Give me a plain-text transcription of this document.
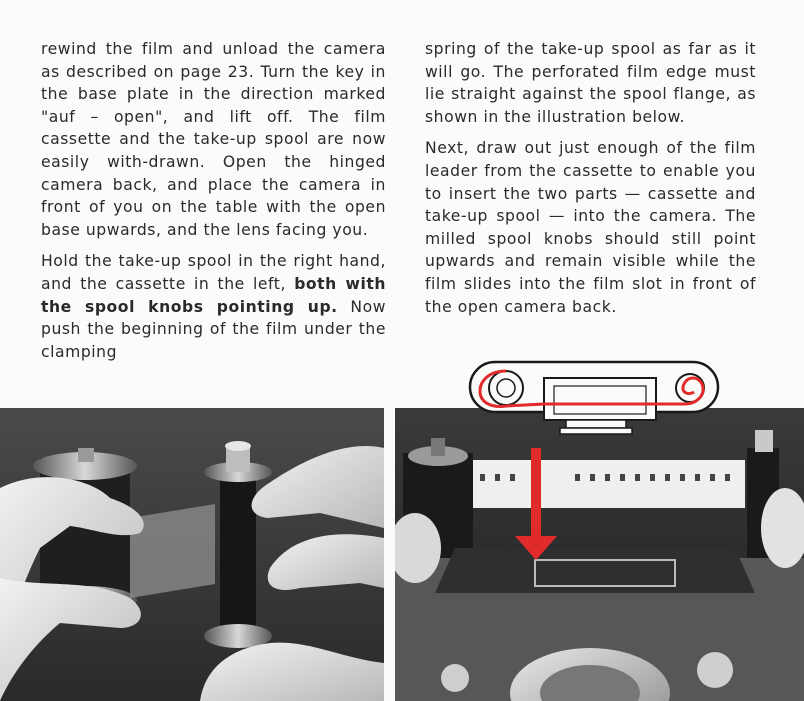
rewind the film and unload the camera as described on page 23. Turn the key in the base plate in the direction marked "auf – open", and lift off. The film cassette and the take-up spool are now easily with-drawn. Open the hinged camera back, and place the camera in front of you on the table with the open base upwards, and the lens facing you.

Hold the take-up spool in the right hand, and the cassette in the left, both with the spool knobs pointing up. Now push the beginning of the film under the clamping

spring of the take-up spool as far as it will go. The perforated film edge must lie straight against the spool flange, as shown in the illustration below.

Next, draw out just enough of the film leader from the cassette to enable you to insert the two parts — cassette and take-up spool — into the camera. The milled spool knobs should still point upwards and remain visible while the film slides into the film slot in front of the open camera back.
